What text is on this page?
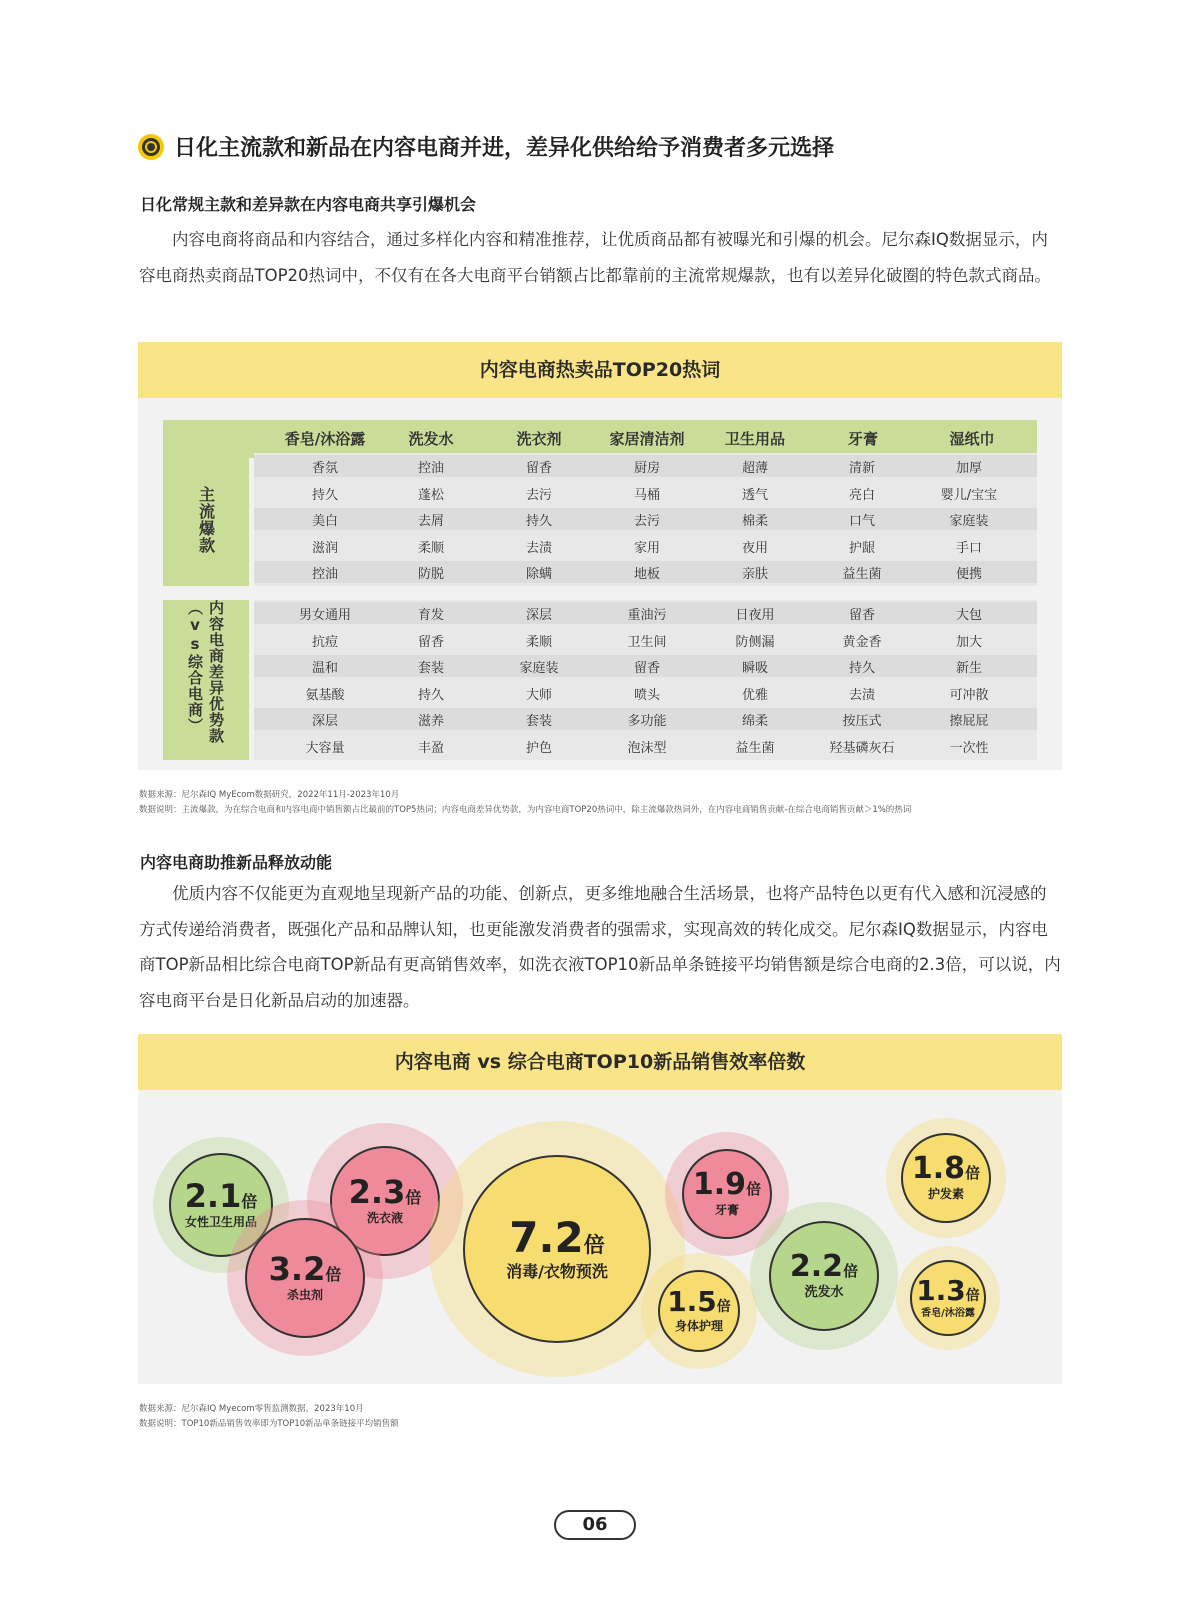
日化主流款和新品在内容电商并进，差异化供给给予消费者多元选择
日化常规主款和差异款在内容电商共享引爆机会
内容电商将商品和内容结合，通过多样化内容和精准推荐，让优质商品都有被曝光和引爆的机会。尼尔森IQ数据显示，内容电商热卖商品TOP20热词中，不仅有在各大电商平台销额占比都靠前的主流常规爆款，也有以差异化破圈的特色款式商品。
内容电商热卖品TOP20热词
香皂/沐浴露	洗发水	洗衣剂	家居清洁剂	卫生用品	牙膏	湿纸巾
主流爆款
内容电商差异优势款（vs综合电商）
香氛	控油	留香	厨房	超薄	清新	加厚
持久	蓬松	去污	马桶	透气	亮白	婴儿/宝宝
美白	去屑	持久	去污	棉柔	口气	家庭装
滋润	柔顺	去渍	家用	夜用	护龈	手口
控油	防脱	除螨	地板	亲肤	益生菌	便携
男女通用	育发	深层	重油污	日夜用	留香	大包
抗痘	留香	柔顺	卫生间	防侧漏	黄金香	加大
温和	套装	家庭装	留香	瞬吸	持久	新生
氨基酸	持久	大师	喷头	优雅	去渍	可冲散
深层	滋养	套装	多功能	绵柔	按压式	擦屁屁
大容量	丰盈	护色	泡沫型	益生菌	羟基磷灰石	一次性
数据来源：尼尔森IQ MyEcom数据研究，2022年11月-2023年10月
数据说明：主流爆款，为在综合电商和内容电商中销售额占比最前的TOP5热词；内容电商差异优势款，为内容电商TOP20热词中，除主流爆款热词外，在内容电商销售贡献-在综合电商销售贡献＞1%的热词
内容电商助推新品释放动能
优质内容不仅能更为直观地呈现新产品的功能、创新点，更多维地融合生活场景，也将产品特色以更有代入感和沉浸感的方式传递给消费者，既强化产品和品牌认知，也更能激发消费者的强需求，实现高效的转化成交。尼尔森IQ数据显示，内容电商TOP新品相比综合电商TOP新品有更高销售效率，如洗衣液TOP10新品单条链接平均销售额是综合电商的2.3倍，可以说，内容电商平台是日化新品启动的加速器。
内容电商 vs 综合电商TOP10新品销售效率倍数
2.1倍
女性卫生用品
2.3倍
洗衣液
3.2倍
杀虫剂
7.2倍
消毒/衣物预洗
1.9倍
牙膏
1.5倍
身体护理
2.2倍
洗发水
1.8倍
护发素
1.3倍
香皂/沐浴露
数据来源：尼尔森IQ Myecom零售监测数据，2023年10月
数据说明：TOP10新品销售效率即为TOP10新品单条链接平均销售额
06
